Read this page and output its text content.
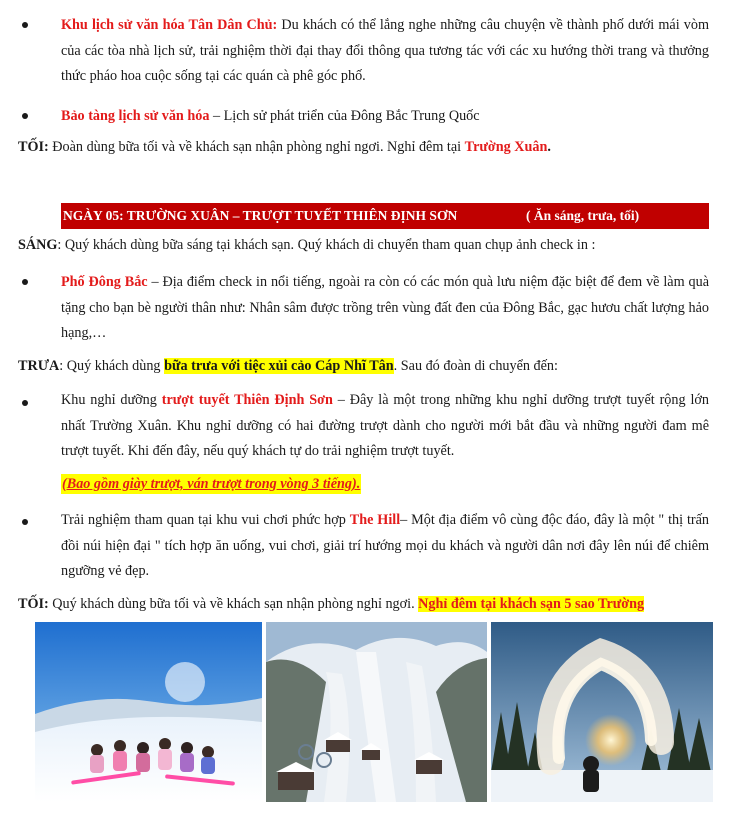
Khu lịch sử văn hóa Tân Dân Chủ: Du khách có thể lắng nghe những câu chuyện về thành phố dưới mái vòm của các tòa nhà lịch sử, trải nghiệm thời đại thay đổi thông qua tương tác với các xu hướng thời trang và thưởng thức pháo hoa cuộc sống tại các quán cà phê góc phố.
Bảo tàng lịch sử văn hóa – Lịch sử phát triển của Đông Bắc Trung Quốc
TỐI: Đoàn dùng bữa tối và về khách sạn nhận phòng nghỉ ngơi. Nghỉ đêm tại Trường Xuân.
NGÀY 05: TRƯỜNG XUÂN – TRƯỢT TUYẾT THIÊN ĐỊNH SƠN	( Ăn sáng, trưa, tối)
SÁNG: Quý khách dùng bữa sáng tại khách sạn. Quý khách di chuyển tham quan chụp ảnh check in :
Phố Đông Bắc – Địa điểm check in nổi tiếng, ngoài ra còn có các món quà lưu niệm đặc biệt để đem về làm quà tặng cho bạn bè người thân như: Nhân sâm được trồng trên vùng đất đen của Đông Bắc, gạc hươu chất lượng hảo hạng,…
TRƯA: Quý khách dùng bữa trưa với tiệc xủi cảo Cáp Nhĩ Tân. Sau đó đoàn di chuyển đến:
Khu nghỉ dưỡng trượt tuyết Thiên Định Sơn – Đây là một trong những khu nghỉ dưỡng trượt tuyết rộng lớn nhất Trường Xuân. Khu nghỉ dưỡng có hai đường trượt dành cho người mới bắt đầu và những người đam mê trượt tuyết. Khi đến đây, nếu quý khách tự do trải nghiệm trượt tuyết.
(Bao gồm giày trượt, ván trượt trong vòng 3 tiếng).
Trải nghiệm tham quan tại khu vui chơi phức hợp The Hill– Một địa điểm vô cùng độc đáo, đây là một " thị trấn đồi núi hiện đại " tích hợp ăn uống, vui chơi, giải trí hướng mọi du khách và người dân nơi đây lên núi để chiêm ngưỡng vẻ đẹp.
TỐI: Quý khách dùng bữa tối và về khách sạn nhận phòng nghỉ ngơi. Nghỉ đêm tại khách sạn 5 sao Trường
